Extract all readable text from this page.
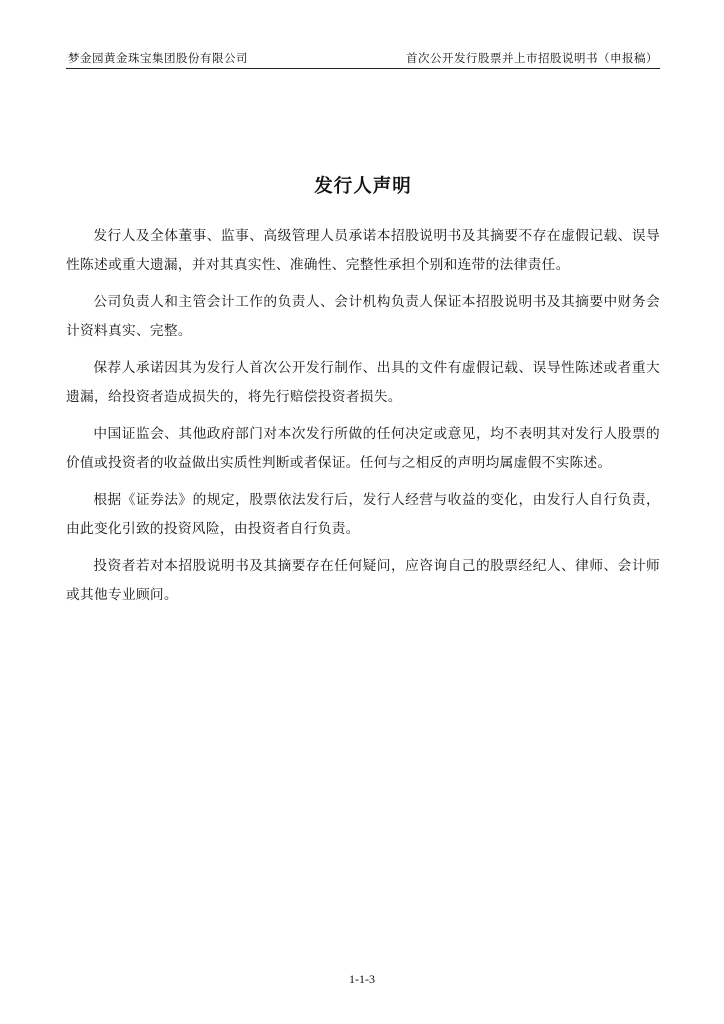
梦金园黄金珠宝集团股份有限公司	首次公开发行股票并上市招股说明书（申报稿）
发行人声明

发行人及全体董事、监事、高级管理人员承诺本招股说明书及其摘要不存在虚假记载、误导性陈述或重大遗漏，并对其真实性、准确性、完整性承担个别和连带的法律责任。

公司负责人和主管会计工作的负责人、会计机构负责人保证本招股说明书及其摘要中财务会计资料真实、完整。

保荐人承诺因其为发行人首次公开发行制作、出具的文件有虚假记载、误导性陈述或者重大遗漏，给投资者造成损失的，将先行赔偿投资者损失。

中国证监会、其他政府部门对本次发行所做的任何决定或意见，均不表明其对发行人股票的价值或投资者的收益做出实质性判断或者保证。任何与之相反的声明均属虚假不实陈述。

根据《证券法》的规定，股票依法发行后，发行人经营与收益的变化，由发行人自行负责，由此变化引致的投资风险，由投资者自行负责。

投资者若对本招股说明书及其摘要存在任何疑问，应咨询自己的股票经纪人、律师、会计师或其他专业顾问。

1-1-3
